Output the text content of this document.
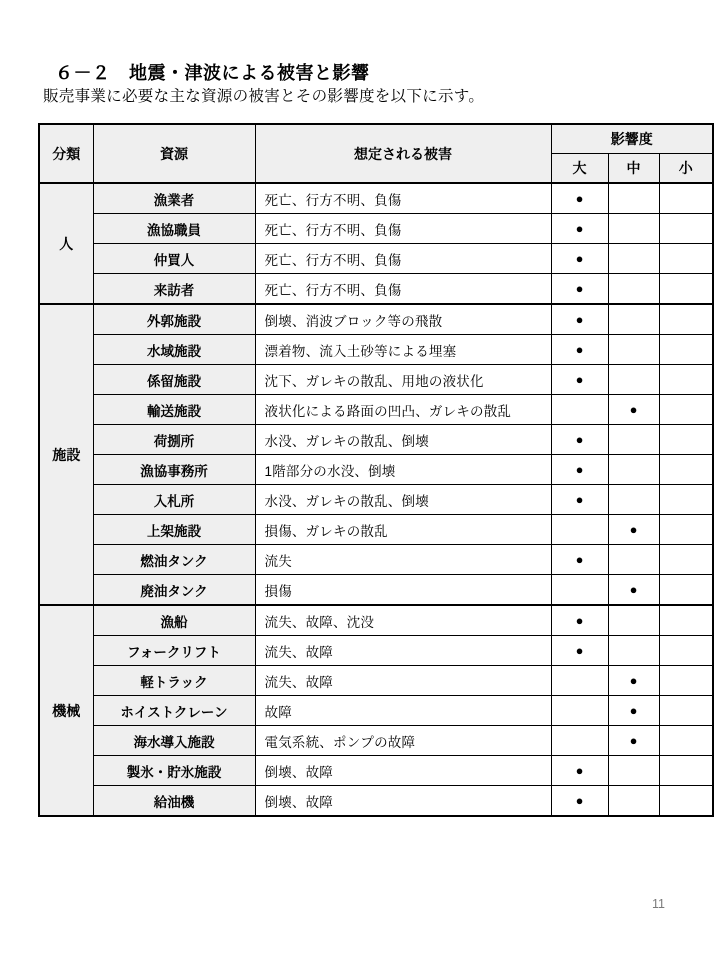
６－２　地震・津波による被害と影響
販売事業に必要な主な資源の被害とその影響度を以下に示す。
分類	資源	想定される被害	影響度		
			大	中	小
人	漁業者	死亡、行方不明、負傷	●		
	漁協職員	死亡、行方不明、負傷	●		
	仲買人	死亡、行方不明、負傷	●		
	来訪者	死亡、行方不明、負傷	●		
施設	外郭施設	倒壊、消波ブロック等の飛散	●		
	水域施設	漂着物、流入土砂等による埋塞	●		
	係留施設	沈下、ガレキの散乱、用地の液状化	●		
	輸送施設	液状化による路面の凹凸、ガレキの散乱		●	
	荷捌所	水没、ガレキの散乱、倒壊	●		
	漁協事務所	1階部分の水没、倒壊	●		
	入札所	水没、ガレキの散乱、倒壊	●		
	上架施設	損傷、ガレキの散乱		●	
	燃油タンク	流失	●		
	廃油タンク	損傷		●	
機械	漁船	流失、故障、沈没	●		
	フォークリフト	流失、故障	●		
	軽トラック	流失、故障		●	
	ホイストクレーン	故障		●	
	海水導入施設	電気系統、ポンプの故障		●	
	製氷・貯氷施設	倒壊、故障	●		
	給油機	倒壊、故障	●		
11
